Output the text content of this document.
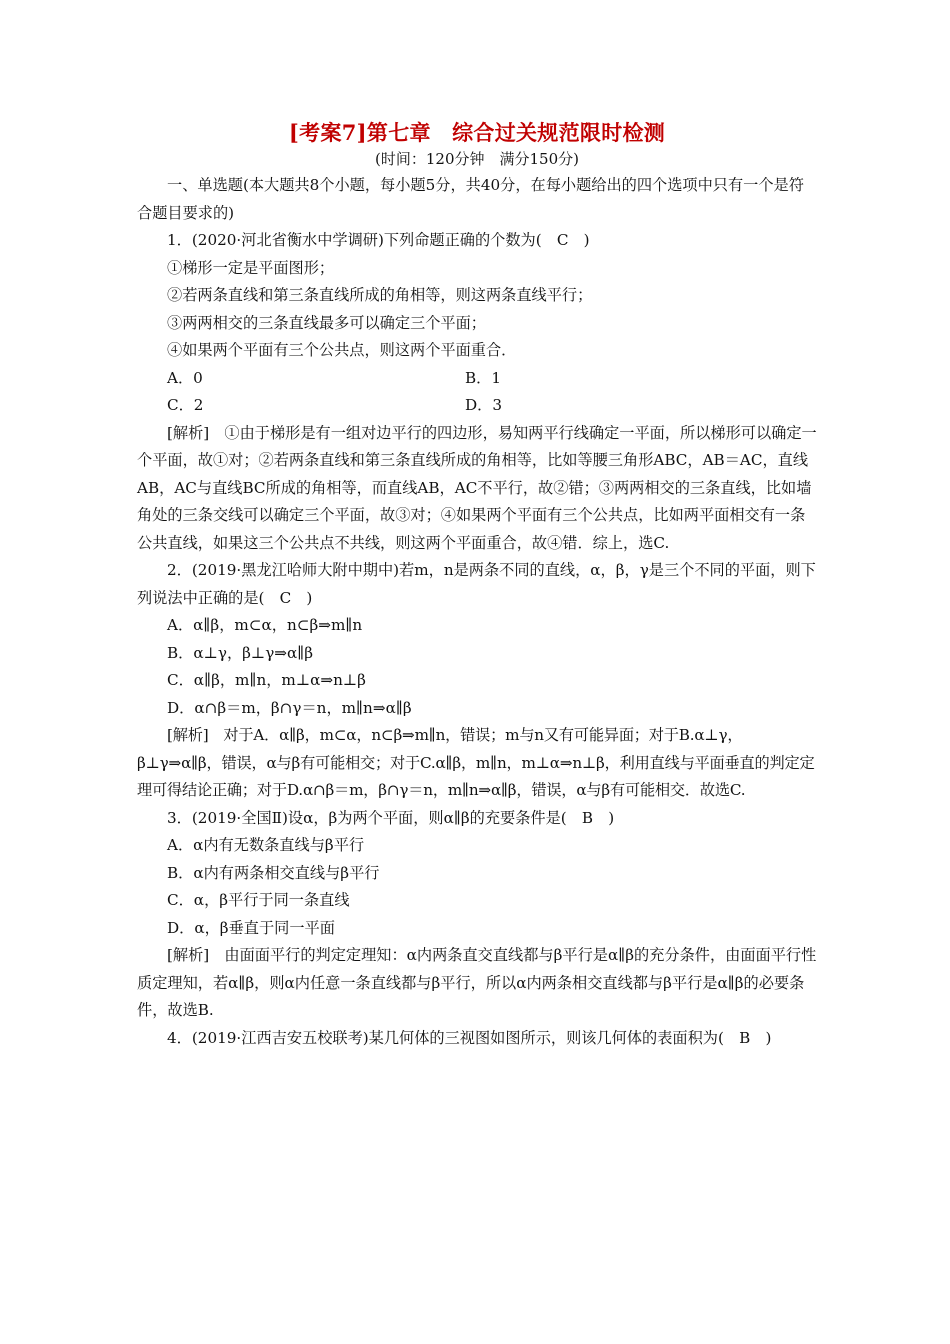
[考案7]第七章　综合过关规范限时检测
(时间：120分钟　满分150分)

一、单选题(本大题共8个小题，每小题5分，共40分，在每小题给出的四个选项中只有一个是符合题目要求的)

1．(2020·河北省衡水中学调研)下列命题正确的个数为(　C　)

①梯形一定是平面图形；

②若两条直线和第三条直线所成的角相等，则这两条直线平行；

③两两相交的三条直线最多可以确定三个平面；

④如果两个平面有三个公共点，则这两个平面重合．

A．0	B．1
C．2	D．3

[解析]　①由于梯形是有一组对边平行的四边形，易知两平行线确定一平面，所以梯形可以确定一个平面，故①对；②若两条直线和第三条直线所成的角相等，比如等腰三角形ABC，AB＝AC，直线AB，AC与直线BC所成的角相等，而直线AB，AC不平行，故②错；③两两相交的三条直线，比如墙角处的三条交线可以确定三个平面，故③对；④如果两个平面有三个公共点，比如两平面相交有一条公共直线，如果这三个公共点不共线，则这两个平面重合，故④错．综上，选C.

2．(2019·黑龙江哈师大附中期中)若m，n是两条不同的直线，α，β，γ是三个不同的平面，则下列说法中正确的是(　C　)

A．α∥β，m⊂α，n⊂β⇒m∥n

B．α⊥γ，β⊥γ⇒α∥β

C．α∥β，m∥n，m⊥α⇒n⊥β

D．α∩β＝m，β∩γ＝n，m∥n⇒α∥β

[解析]　对于A．α∥β，m⊂α，n⊂β⇒m∥n，错误；m与n又有可能异面；对于B.α⊥γ，β⊥γ⇒α∥β，错误，α与β有可能相交；对于C.α∥β，m∥n，m⊥α⇒n⊥β，利用直线与平面垂直的判定定理可得结论正确；对于D.α∩β＝m，β∩γ＝n，m∥n⇒α∥β，错误，α与β有可能相交．故选C.

3．(2019·全国Ⅱ)设α，β为两个平面，则α∥β的充要条件是(　B　)

A．α内有无数条直线与β平行

B．α内有两条相交直线与β平行

C．α，β平行于同一条直线

D．α，β垂直于同一平面

[解析]　由面面平行的判定定理知：α内两条直交直线都与β平行是α∥β的充分条件，由面面平行性质定理知，若α∥β，则α内任意一条直线都与β平行，所以α内两条相交直线都与β平行是α∥β的必要条件，故选B.

4．(2019·江西吉安五校联考)某几何体的三视图如图所示，则该几何体的表面积为(　B　)
